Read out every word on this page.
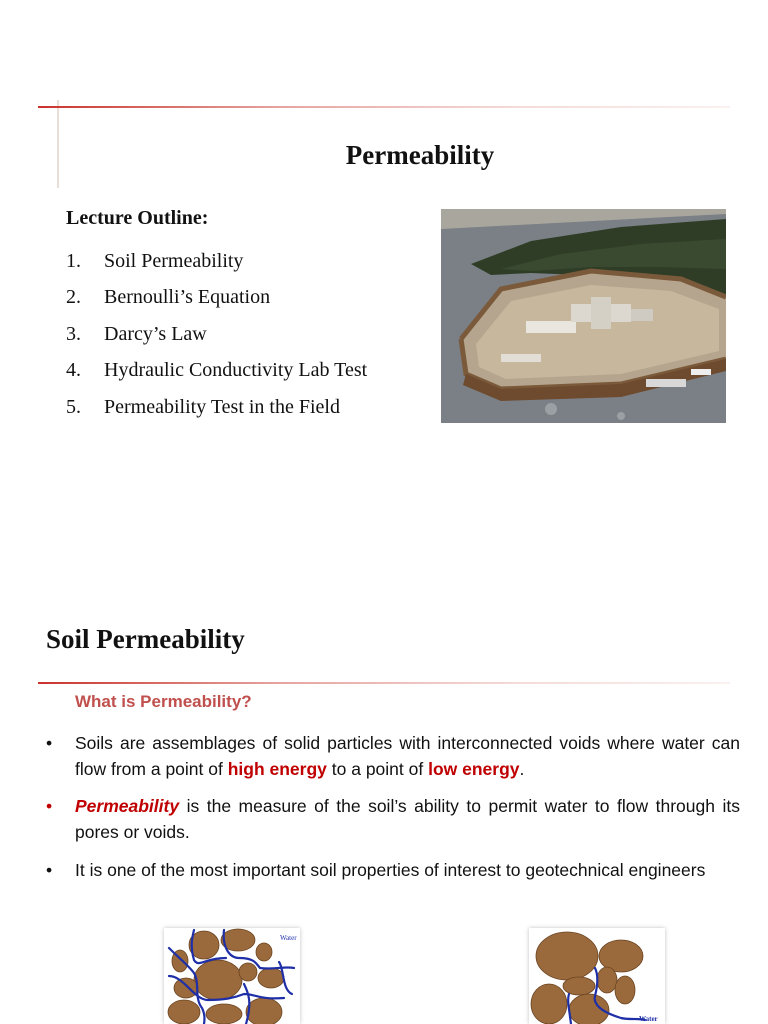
Permeability
Lecture Outline:
1.	Soil Permeability
2.	Bernoulli’s Equation
3.	Darcy’s Law
4.	Hydraulic Conductivity Lab Test
5.	Permeability Test in the Field
Soil Permeability
What is Permeability?
•	Soils are assemblages of solid particles with interconnected voids where water can flow from a point of high energy to a point of low energy.
•	Permeability is the measure of the soil’s ability to permit water to flow through its pores or voids.
•	It is one of the most important soil properties of interest to geotechnical engineers
Water
Water
